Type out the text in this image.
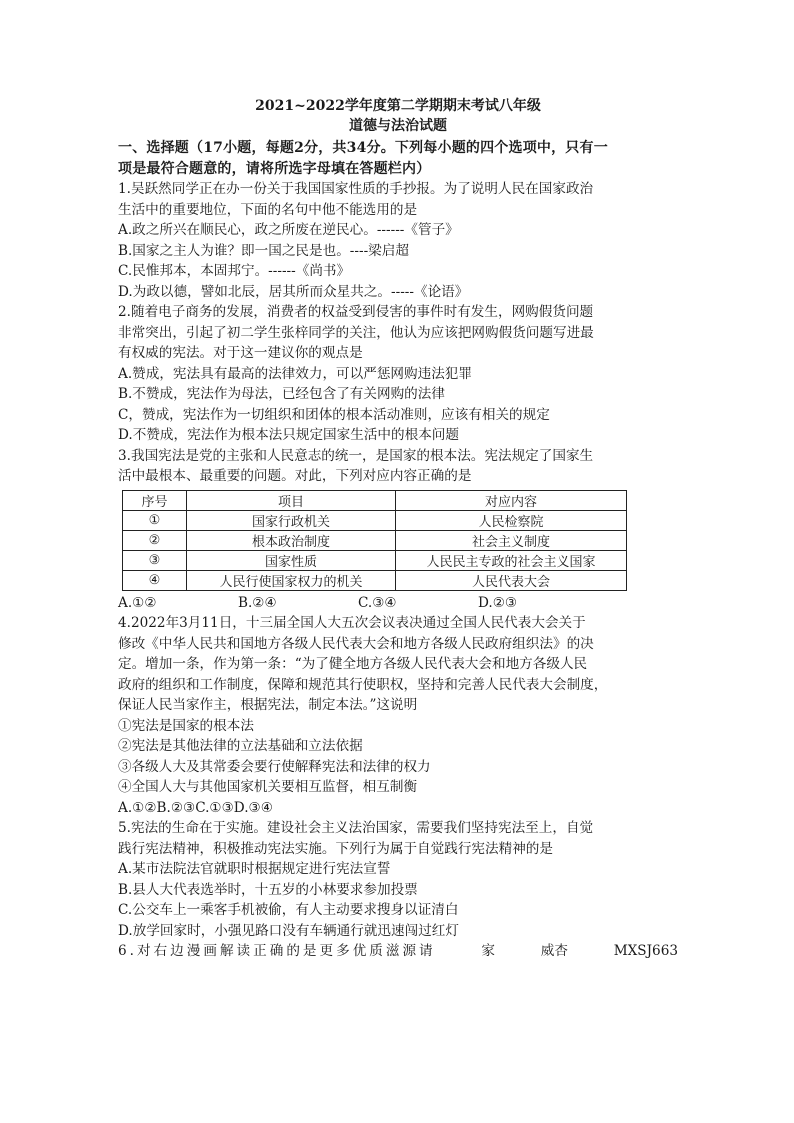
2021~2022学年度第二学期期末考试八年级
道德与法治试题
一、选择题（17小题，每题2分，共34分。下列每小题的四个选项中，只有一
项是最符合题意的，请将所选字母填在答题栏内）
1.吴跃然同学正在办一份关于我国国家性质的手抄报。为了说明人民在国家政治
生活中的重要地位，下面的名句中他不能选用的是
A.政之所兴在顺民心，政之所废在逆民心。------《管子》
B.国家之主人为谁？即一国之民是也。----梁启超
C.民惟邦本，本固邦宁。------《尚书》
D.为政以德，譬如北辰，居其所而众星共之。-----《论语》
2.随着电子商务的发展，消费者的权益受到侵害的事件时有发生，网购假货问题
非常突出，引起了初二学生张梓同学的关注，他认为应该把网购假货问题写进最
有权威的宪法。对于这一建议你的观点是
A.赞成，宪法具有最高的法律效力，可以严惩网购违法犯罪
B.不赞成，宪法作为母法，已经包含了有关网购的法律
C，赞成，宪法作为一切组织和团体的根本活动准则，应该有相关的规定
D.不赞成，宪法作为根本法只规定国家生活中的根本问题
3.我国宪法是党的主张和人民意志的统一，是国家的根本法。宪法规定了国家生
活中最根本、最重要的问题。对此，下列对应内容正确的是
序号	项目	对应内容
①	国家行政机关	人民检察院
②	根本政治制度	社会主义制度
③	国家性质	人民民主专政的社会主义国家
④	人民行使国家权力的机关	人民代表大会
A.①②	B.②④	C.③④	D.②③
4.2022年3月11日，十三届全国人大五次会议表决通过全国人民代表大会关于
修改《中华人民共和国地方各级人民代表大会和地方各级人民政府组织法》的决
定。增加一条，作为第一条：“为了健全地方各级人民代表大会和地方各级人民
政府的组织和工作制度，保障和规范其行使职权，坚持和完善人民代表大会制度，
保证人民当家作主，根据宪法，制定本法。”这说明
①宪法是国家的根本法
②宪法是其他法律的立法基础和立法依据
③各级人大及其常委会要行使解释宪法和法律的权力
④全国人大与其他国家机关要相互监督，相互制衡
A.①②B.②③C.①③D.③④
5.宪法的生命在于实施。建设社会主义法治国家，需要我们坚持宪法至上，自觉
践行宪法精神，积极推动宪法实施。下列行为属于自觉践行宪法精神的是
A.某市法院法官就职时根据规定进行宪法宣誓
B.县人大代表选举时，十五岁的小林要求参加投票
C.公交车上一乘客手机被偷，有人主动要求搜身以证清白
D.放学回家时，小强见路口没有车辆通行就迅速闯过红灯
6.对右边漫画解读正确的是更多优质滋源请	家	威杏	MXSJ663
